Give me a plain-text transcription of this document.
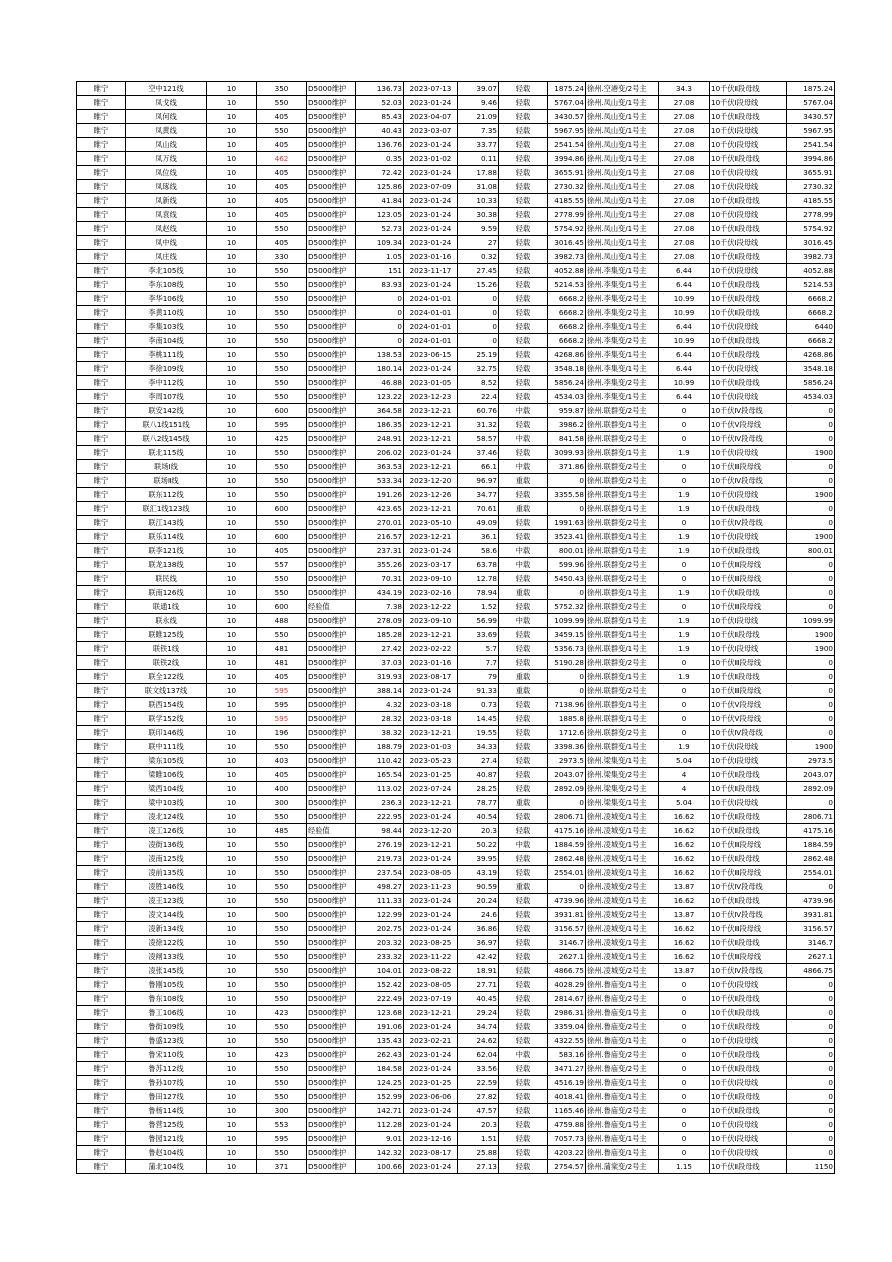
睢宁	空中121线	10	350	D5000维护	136.73	2023-07-13	39.07	轻载	1875.24	徐州.空港变/2号主	34.3	10千伏Ⅱ段母线	1875.24
睢宁	凤戈线	10	550	D5000维护	52.03	2023-01-24	9.46	轻载	5767.04	徐州.凤山变/1号主	27.08	10千伏Ⅰ段母线	5767.04
睢宁	凤何线	10	405	D5000维护	85.43	2023-04-07	21.09	轻载	3430.57	徐州.凤山变/1号主	27.08	10千伏Ⅱ段母线	3430.57
睢宁	凤黄线	10	550	D5000维护	40.43	2023-03-07	7.35	轻载	5967.95	徐州.凤山变/1号主	27.08	10千伏Ⅰ段母线	5967.95
睢宁	凤山线	10	405	D5000维护	136.76	2023-01-24	33.77	轻载	2541.54	徐州.凤山变/1号主	27.08	10千伏Ⅰ段母线	2541.54
睢宁	凤万线	10	462	D5000维护	0.35	2023-01-02	0.11	轻载	3994.86	徐州.凤山变/1号主	27.08	10千伏Ⅱ段母线	3994.86
睢宁	凤位线	10	405	D5000维护	72.42	2023-01-24	17.88	轻载	3655.91	徐州.凤山变/1号主	27.08	10千伏Ⅰ段母线	3655.91
睢宁	凤琢线	10	405	D5000维护	125.86	2023-07-09	31.08	轻载	2730.32	徐州.凤山变/1号主	27.08	10千伏Ⅰ段母线	2730.32
睢宁	凤新线	10	405	D5000维护	41.84	2023-01-24	10.33	轻载	4185.55	徐州.凤山变/1号主	27.08	10千伏Ⅱ段母线	4185.55
睢宁	凤袁线	10	405	D5000维护	123.05	2023-01-24	30.38	轻载	2778.99	徐州.凤山变/1号主	27.08	10千伏Ⅰ段母线	2778.99
睢宁	凤赵线	10	550	D5000维护	52.73	2023-01-24	9.59	轻载	5754.92	徐州.凤山变/1号主	27.08	10千伏Ⅱ段母线	5754.92
睢宁	凤中线	10	405	D5000维护	109.34	2023-01-24	27	轻载	3016.45	徐州.凤山变/1号主	27.08	10千伏Ⅰ段母线	3016.45
睢宁	凤庄线	10	330	D5000维护	1.05	2023-01-16	0.32	轻载	3982.73	徐州.凤山变/1号主	27.08	10千伏Ⅱ段母线	3982.73
睢宁	李北105线	10	550	D5000维护	151	2023-11-17	27.45	轻载	4052.88	徐州.李集变/1号主	6.44	10千伏Ⅰ段母线	4052.88
睢宁	李东108线	10	550	D5000维护	83.93	2023-01-24	15.26	轻载	5214.53	徐州.李集变/1号主	6.44	10千伏Ⅱ段母线	5214.53
睢宁	李华106线	10	550	D5000维护	0	2024-01-01	0	轻载	6668.2	徐州.李集变/2号主	10.99	10千伏Ⅱ段母线	6668.2
睢宁	李黄110线	10	550	D5000维护	0	2024-01-01	0	轻载	6668.2	徐州.李集变/2号主	10.99	10千伏Ⅱ段母线	6668.2
睢宁	李集103线	10	550	D5000维护	0	2024-01-01	0	轻载	6668.2	徐州.李集变/1号主	6.44	10千伏Ⅰ段母线	6440
睢宁	李南104线	10	550	D5000维护	0	2024-01-01	0	轻载	6668.2	徐州.李集变/2号主	10.99	10千伏Ⅱ段母线	6668.2
睢宁	李桃111线	10	550	D5000维护	138.53	2023-06-15	25.19	轻载	4268.86	徐州.李集变/1号主	6.44	10千伏Ⅱ段母线	4268.86
睢宁	李徐109线	10	550	D5000维护	180.14	2023-01-24	32.75	轻载	3548.18	徐州.李集变/1号主	6.44	10千伏Ⅰ段母线	3548.18
睢宁	李中112线	10	550	D5000维护	46.88	2023-01-05	8.52	轻载	5856.24	徐州.李集变/2号主	10.99	10千伏Ⅱ段母线	5856.24
睢宁	李周107线	10	550	D5000维护	123.22	2023-12-23	22.4	轻载	4534.03	徐州.李集变/1号主	6.44	10千伏Ⅰ段母线	4534.03
睢宁	联安142线	10	600	D5000维护	364.58	2023-12-21	60.76	中载	959.87	徐州.联群变/2号主	0	10千伏Ⅳ段母线	0
睢宁	联八1线151线	10	595	D5000维护	186.35	2023-12-21	31.32	轻载	3986.2	徐州.联群变/1号主	0	10千伏Ⅴ段母线	0
睢宁	联八2线145线	10	425	D5000维护	248.91	2023-12-21	58.57	中载	841.58	徐州.联群变/2号主	0	10千伏Ⅳ段母线	0
睢宁	联北115线	10	550	D5000维护	206.02	2023-01-24	37.46	轻载	3099.93	徐州.联群变/1号主	1.9	10千伏Ⅰ段母线	1900
睢宁	联场Ⅰ线	10	550	D5000维护	363.53	2023-12-21	66.1	中载	371.86	徐州.联群变/2号主	0	10千伏Ⅲ段母线	0
睢宁	联场Ⅱ线	10	550	D5000维护	533.34	2023-12-20	96.97	重载	0	徐州.联群变/2号主	0	10千伏Ⅳ段母线	0
睢宁	联东112线	10	550	D5000维护	191.26	2023-12-26	34.77	轻载	3355.58	徐州.联群变/1号主	1.9	10千伏Ⅰ段母线	1900
睢宁	联汇1线123线	10	600	D5000维护	423.65	2023-12-21	70.61	重载	0	徐州.联群变/1号主	1.9	10千伏Ⅱ段母线	0
睢宁	联江143线	10	550	D5000维护	270.01	2023-05-10	49.09	轻载	1991.63	徐州.联群变/2号主	0	10千伏Ⅳ段母线	0
睢宁	联乐114线	10	600	D5000维护	216.57	2023-12-21	36.1	轻载	3523.41	徐州.联群变/1号主	1.9	10千伏Ⅰ段母线	1900
睢宁	联李121线	10	405	D5000维护	237.31	2023-01-24	58.6	中载	800.01	徐州.联群变/1号主	1.9	10千伏Ⅱ段母线	800.01
睢宁	联龙138线	10	557	D5000维护	355.26	2023-03-17	63.78	中载	599.96	徐州.联群变/2号主	0	10千伏Ⅲ段母线	0
睢宁	联民线	10	550	D5000维护	70.31	2023-09-10	12.78	轻载	5450.43	徐州.联群变/2号主	0	10千伏Ⅲ段母线	0
睢宁	联南126线	10	550	D5000维护	434.19	2023-02-16	78.94	重载	0	徐州.联群变/1号主	1.9	10千伏Ⅱ段母线	0
睢宁	联通1线	10	600	经验值	7.38	2023-12-22	1.52	轻载	5752.32	徐州.联群变/2号主	0	10千伏Ⅲ段母线	0
睢宁	联永线	10	488	D5000维护	278.09	2023-09-10	56.99	中载	1099.99	徐州.联群变/1号主	1.9	10千伏Ⅰ段母线	1099.99
睢宁	联睢125线	10	550	D5000维护	185.28	2023-12-21	33.69	轻载	3459.15	徐州.联群变/1号主	1.9	10千伏Ⅱ段母线	1900
睢宁	联铁1线	10	481	D5000维护	27.42	2023-02-22	5.7	轻载	5356.73	徐州.联群变/1号主	1.9	10千伏Ⅰ段母线	1900
睢宁	联铁2线	10	481	D5000维护	37.03	2023-01-16	7.7	轻载	5190.28	徐州.联群变/2号主	0	10千伏Ⅲ段母线	0
睢宁	联全122线	10	405	D5000维护	319.93	2023-08-17	79	重载	0	徐州.联群变/1号主	1.9	10千伏Ⅱ段母线	0
睢宁	联文线137线	10	595	D5000维护	388.14	2023-01-24	91.33	重载	0	徐州.联群变/2号主	0	10千伏Ⅲ段母线	0
睢宁	联西154线	10	595	D5000维护	4.32	2023-03-18	0.73	轻载	7138.96	徐州.联群变/1号主	0	10千伏Ⅴ段母线	0
睢宁	联学152线	10	595	D5000维护	28.32	2023-03-18	14.45	轻载	1885.8	徐州.联群变/1号主	0	10千伏Ⅴ段母线	0
睢宁	联印146线	10	196	D5000维护	38.32	2023-12-21	19.55	轻载	1712.6	徐州.联群变/2号主	0	10千伏Ⅳ段母线	0
睢宁	联中111线	10	550	D5000维护	188.79	2023-01-03	34.33	轻载	3398.36	徐州.联群变/1号主	1.9	10千伏Ⅰ段母线	1900
睢宁	梁东105线	10	403	D5000维护	110.42	2023-05-23	27.4	轻载	2973.5	徐州.梁集变/1号主	5.04	10千伏Ⅰ段母线	2973.5
睢宁	梁睢106线	10	405	D5000维护	165.54	2023-01-25	40.87	轻载	2043.07	徐州.梁集变/2号主	4	10千伏Ⅱ段母线	2043.07
睢宁	梁西104线	10	400	D5000维护	113.02	2023-07-24	28.25	轻载	2892.09	徐州.梁集变/2号主	4	10千伏Ⅱ段母线	2892.09
睢宁	梁中103线	10	300	D5000维护	236.3	2023-12-21	78.77	重载	0	徐州.梁集变/1号主	5.04	10千伏Ⅰ段母线	0
睢宁	凌北124线	10	550	D5000维护	222.95	2023-01-24	40.54	轻载	2806.71	徐州.凌城变/1号主	16.62	10千伏Ⅱ段母线	2806.71
睢宁	凌工126线	10	485	经验值	98.44	2023-12-20	20.3	轻载	4175.16	徐州.凌城变/1号主	16.62	10千伏Ⅱ段母线	4175.16
睢宁	凌街136线	10	550	D5000维护	276.19	2023-12-21	50.22	中载	1884.59	徐州.凌城变/1号主	16.62	10千伏Ⅲ段母线	1884.59
睢宁	凌南125线	10	550	D5000维护	219.73	2023-01-24	39.95	轻载	2862.48	徐州.凌城变/1号主	16.62	10千伏Ⅱ段母线	2862.48
睢宁	凌前135线	10	550	D5000维护	237.54	2023-08-05	43.19	轻载	2554.01	徐州.凌城变/1号主	16.62	10千伏Ⅲ段母线	2554.01
睢宁	凌胜146线	10	550	D5000维护	498.27	2023-11-23	90.59	重载	0	徐州.凌城变/2号主	13.87	10千伏Ⅳ段母线	0
睢宁	凌王123线	10	550	D5000维护	111.33	2023-01-24	20.24	轻载	4739.96	徐州.凌城变/1号主	16.62	10千伏Ⅱ段母线	4739.96
睢宁	凌文144线	10	500	D5000维护	122.99	2023-01-24	24.6	轻载	3931.81	徐州.凌城变/2号主	13.87	10千伏Ⅳ段母线	3931.81
睢宁	凌新134线	10	550	D5000维护	202.75	2023-01-24	36.86	轻载	3156.57	徐州.凌城变/1号主	16.62	10千伏Ⅲ段母线	3156.57
睢宁	凌徐122线	10	550	D5000维护	203.32	2023-08-25	36.97	轻载	3146.7	徐州.凌城变/1号主	16.62	10千伏Ⅱ段母线	3146.7
睢宁	凌闸133线	10	550	D5000维护	233.32	2023-11-22	42.42	轻载	2627.1	徐州.凌城变/1号主	16.62	10千伏Ⅲ段母线	2627.1
睢宁	凌张145线	10	550	D5000维护	104.01	2023-08-22	18.91	轻载	4866.75	徐州.凌城变/2号主	13.87	10千伏Ⅳ段母线	4866.75
睢宁	鲁刚105线	10	550	D5000维护	152.42	2023-08-05	27.71	轻载	4028.29	徐州.鲁庙变/1号主	0	10千伏Ⅰ段母线	0
睢宁	鲁东108线	10	550	D5000维护	222.49	2023-07-19	40.45	轻载	2814.67	徐州.鲁庙变/2号主	0	10千伏Ⅱ段母线	0
睢宁	鲁工106线	10	423	D5000维护	123.68	2023-12-21	29.24	轻载	2986.31	徐州.鲁庙变/1号主	0	10千伏Ⅱ段母线	0
睢宁	鲁街109线	10	550	D5000维护	191.06	2023-01-24	34.74	轻载	3359.04	徐州.鲁庙变/2号主	0	10千伏Ⅱ段母线	0
睢宁	鲁盛123线	10	550	D5000维护	135.43	2023-02-21	24.62	轻载	4322.55	徐州.鲁庙变/1号主	0	10千伏Ⅰ段母线	0
睢宁	鲁宋110线	10	423	D5000维护	262.43	2023-01-24	62.04	中载	583.16	徐州.鲁庙变/2号主	0	10千伏Ⅱ段母线	0
睢宁	鲁苏112线	10	550	D5000维护	184.58	2023-01-24	33.56	轻载	3471.27	徐州.鲁庙变/2号主	0	10千伏Ⅱ段母线	0
睢宁	鲁孙107线	10	550	D5000维护	124.25	2023-01-25	22.59	轻载	4516.19	徐州.鲁庙变/1号主	0	10千伏Ⅰ段母线	0
睢宁	鲁田127线	10	550	D5000维护	152.99	2023-06-06	27.82	轻载	4018.41	徐州.鲁庙变/1号主	0	10千伏Ⅱ段母线	0
睢宁	鲁杨114线	10	300	D5000维护	142.71	2023-01-24	47.57	轻载	1165.46	徐州.鲁庙变/2号主	0	10千伏Ⅱ段母线	0
睢宁	鲁营125线	10	553	D5000维护	112.28	2023-01-24	20.3	轻载	4759.88	徐州.鲁庙变/1号主	0	10千伏Ⅰ段母线	0
睢宁	鲁园121线	10	595	D5000维护	9.01	2023-12-16	1.51	轻载	7057.73	徐州.鲁庙变/1号主	0	10千伏Ⅰ段母线	0
睢宁	鲁赵104线	10	550	D5000维护	142.32	2023-08-17	25.88	轻载	4203.22	徐州.鲁庙变/1号主	0	10千伏Ⅰ段母线	0
睢宁	蒲北104线	10	371	D5000维护	100.66	2023-01-24	27.13	轻载	2754.57	徐州.蒲棠变/2号主	1.15	10千伏Ⅱ段母线	1150
